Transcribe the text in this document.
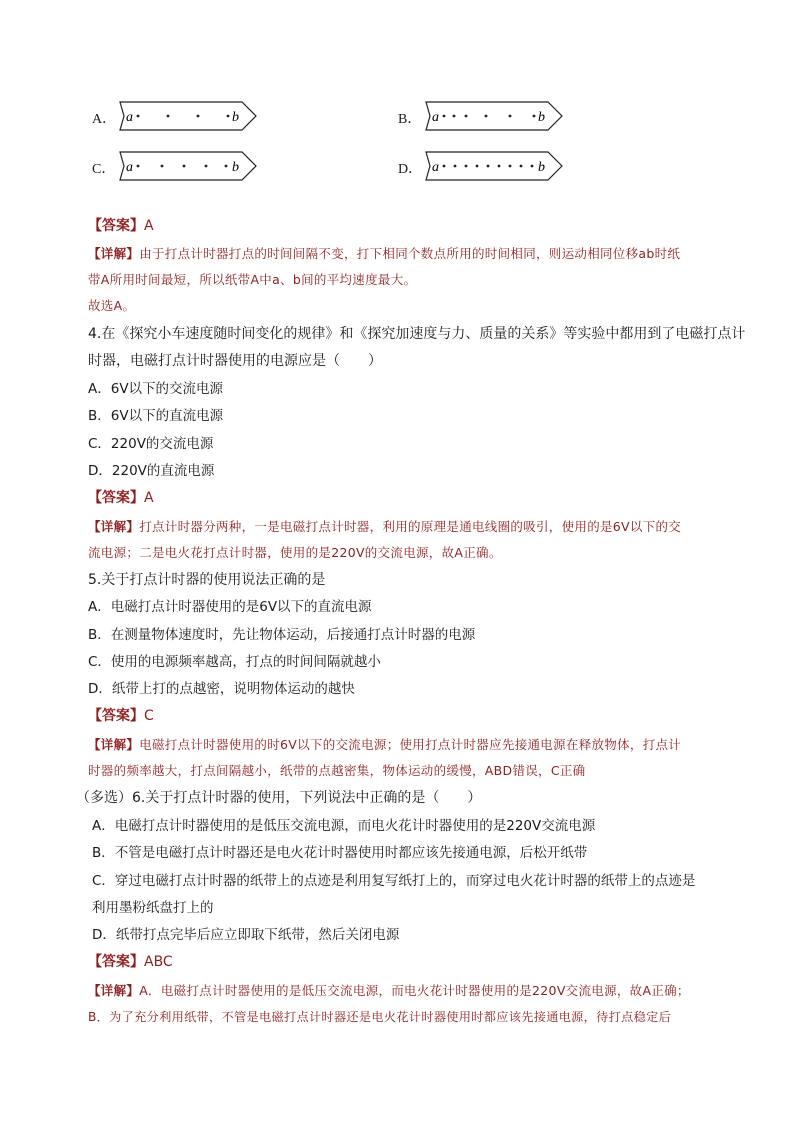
A． a	b	B． a	b
C． a	b	D． a	b
【答案】A
【详解】由于打点计时器打点的时间间隔不变，打下相同个数点所用的时间相同，则运动相同位移ab时纸
带A所用时间最短，所以纸带A中a、b间的平均速度最大。
故选A。
4.在《探究小车速度随时间变化的规律》和《探究加速度与力、质量的关系》等实验中都用到了电磁打点计
时器，电磁打点计时器使用的电源应是（　　）
A．6V以下的交流电源
B．6V以下的直流电源
C．220V的交流电源
D．220V的直流电源
【答案】A
【详解】打点计时器分两种，一是电磁打点计时器，利用的原理是通电线圈的吸引，使用的是6V以下的交
流电源；二是电火花打点计时器，使用的是220V的交流电源，故A正确。
5.关于打点计时器的使用说法正确的是
A．电磁打点计时器使用的是6V以下的直流电源
B．在测量物体速度时，先让物体运动，后接通打点计时器的电源
C．使用的电源频率越高，打点的时间间隔就越小
D．纸带上打的点越密，说明物体运动的越快
【答案】C
【详解】电磁打点计时器使用的时6V以下的交流电源；使用打点计时器应先接通电源在释放物体，打点计
时器的频率越大，打点间隔越小，纸带的点越密集，物体运动的缓慢，ABD错误，C正确
（多选）6.关于打点计时器的使用，下列说法中正确的是（　　）
A．电磁打点计时器使用的是低压交流电源，而电火花计时器使用的是220V交流电源
B．不管是电磁打点计时器还是电火花计时器使用时都应该先接通电源，后松开纸带
C．穿过电磁打点计时器的纸带上的点迹是利用复写纸打上的，而穿过电火花计时器的纸带上的点迹是
利用墨粉纸盘打上的
D．纸带打点完毕后应立即取下纸带，然后关闭电源
【答案】ABC
【详解】A．电磁打点计时器使用的是低压交流电源，而电火花计时器使用的是220V交流电源，故A正确；
B．为了充分利用纸带，不管是电磁打点计时器还是电火花计时器使用时都应该先接通电源，待打点稳定后
